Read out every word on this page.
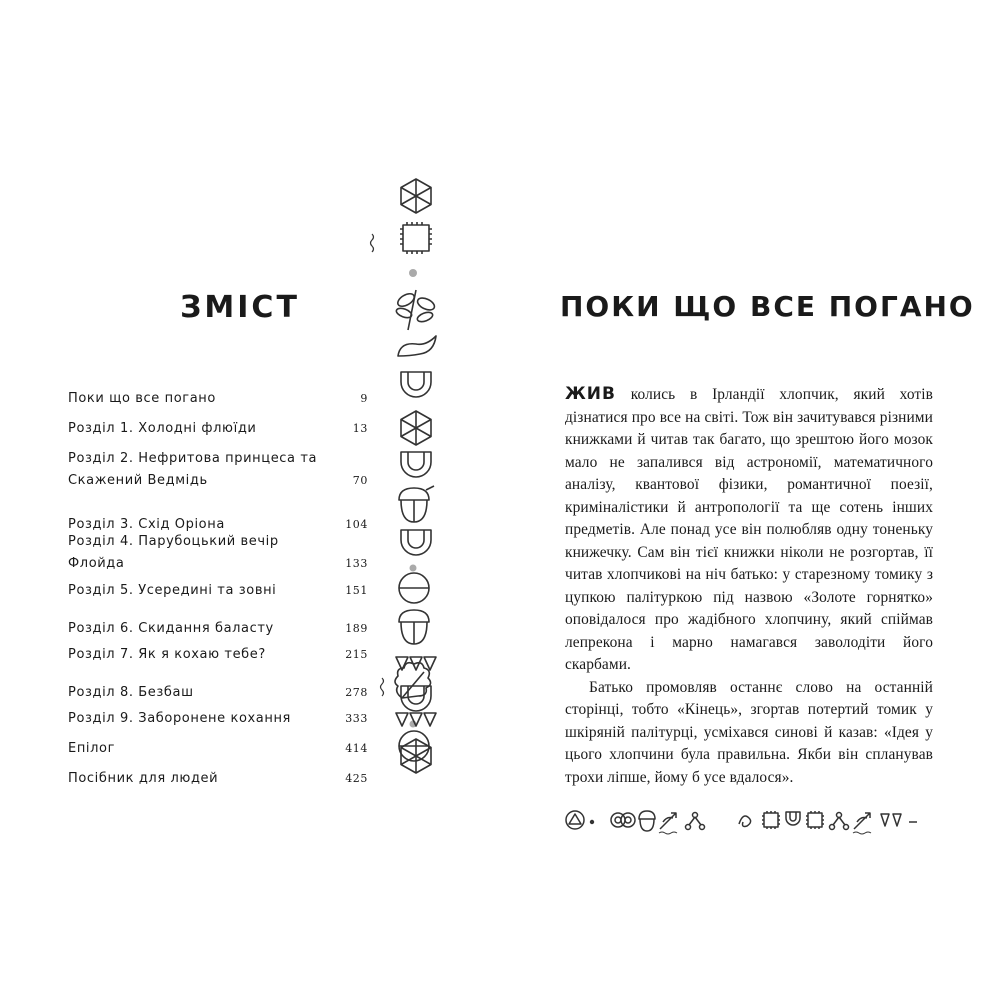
ЗМІСТ
Поки що все погано	9
Розділ 1. Холодні флюїди	13
Розділ 2. Нефритова принцеса та Скажений Ведмідь	70
Розділ 3. Схід Оріона	104
Розділ 4. Парубоцький вечір Флойда	133
Розділ 5. Усередині та зовні	151
Розділ 6. Скидання баласту	189
Розділ 7. Як я кохаю тебе?	215
Розділ 8. Безбаш	278
Розділ 9. Заборонене кохання	333
Епілог	414
Посібник для людей	425
ПОКИ ЩО ВСЕ ПОГАНО

ЖИВ колись в Ірландії хлопчик, який хотів дізнатися про все на світі. Тож він зачитувався різними книжками й читав так багато, що зрештою його мозок мало не запалився від астрономії, математичного аналізу, квантової фізики, романтичної поезії, криміналістики й антропології та ще сотень інших предметів. Але понад усе він полюбляв одну тоненьку книжечку. Сам він тієї книжки ніколи не розгортав, її читав хлопчикові на ніч батько: у старезному томику з цупкою палітуркою під назвою «Золоте горнятко» оповідалося про жадібного хлопчину, який спіймав лепрекона і марно намагався заволодіти його скарбами.

Батько промовляв останнє слово на останній сторінці, тобто «Кінець», згортав потертий томик у шкіряній палітурці, усміхався синові й казав: «Ідея у цього хлопчини була правильна. Якби він спланував трохи ліпше, йому б усе вдалося».
